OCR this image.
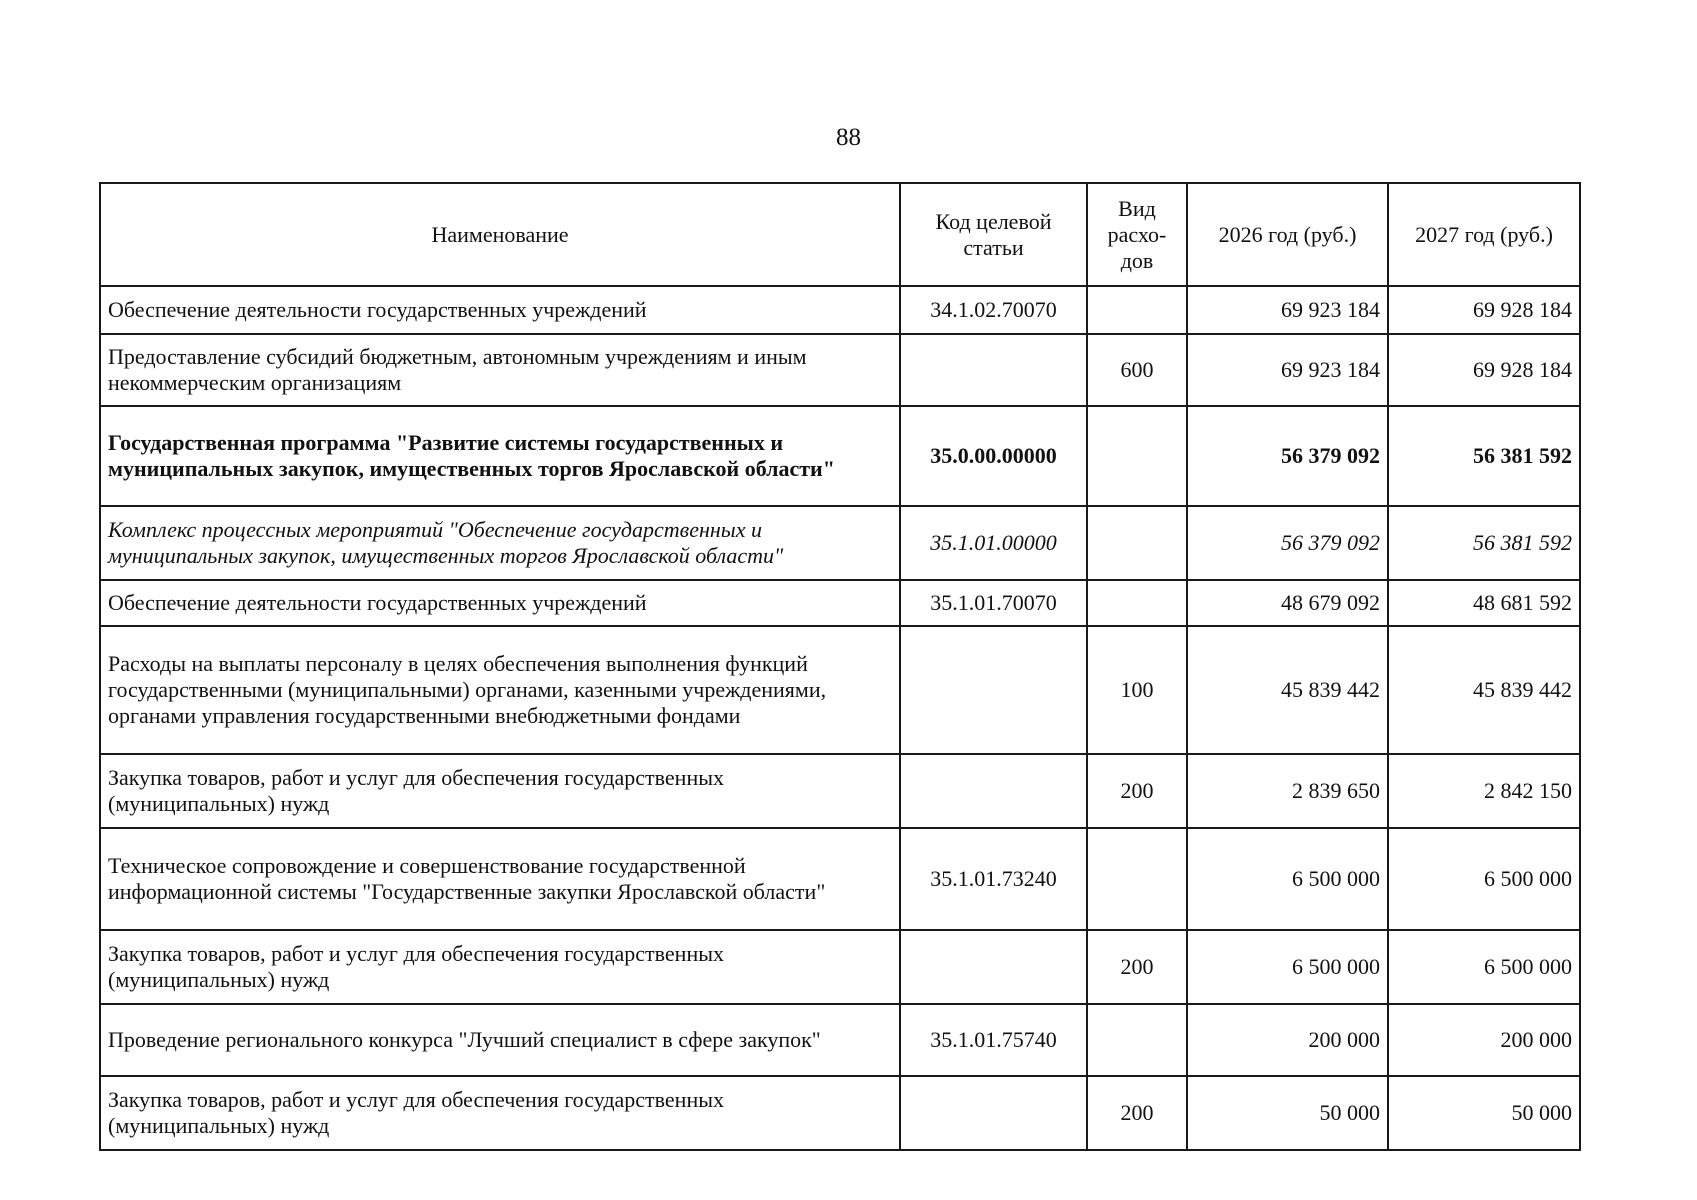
88
Наименование	Код целевой статьи	Вид расхо-дов	2026 год (руб.)	2027 год (руб.)
Обеспечение деятельности государственных учреждений	34.1.02.70070		69 923 184	69 928 184
Предоставление субсидий бюджетным, автономным учреждениям и иным некоммерческим организациям		600	69 923 184	69 928 184
Государственная программа "Развитие системы государственных и муниципальных закупок, имущественных торгов Ярославской области"	35.0.00.00000		56 379 092	56 381 592
Комплекс процессных мероприятий "Обеспечение государственных и муниципальных закупок, имущественных торгов Ярославской области"	35.1.01.00000		56 379 092	56 381 592
Обеспечение деятельности государственных учреждений	35.1.01.70070		48 679 092	48 681 592
Расходы на выплаты персоналу в целях обеспечения выполнения функций государственными (муниципальными) органами, казенными учреждениями, органами управления государственными внебюджетными фондами		100	45 839 442	45 839 442
Закупка товаров, работ и услуг для обеспечения государственных (муниципальных) нужд		200	2 839 650	2 842 150
Техническое сопровождение и совершенствование государственной информационной системы "Государственные закупки Ярославской области"	35.1.01.73240		6 500 000	6 500 000
Закупка товаров, работ и услуг для обеспечения государственных (муниципальных) нужд		200	6 500 000	6 500 000
Проведение регионального конкурса "Лучший специалист в сфере закупок"	35.1.01.75740		200 000	200 000
Закупка товаров, работ и услуг для обеспечения государственных (муниципальных) нужд		200	50 000	50 000
